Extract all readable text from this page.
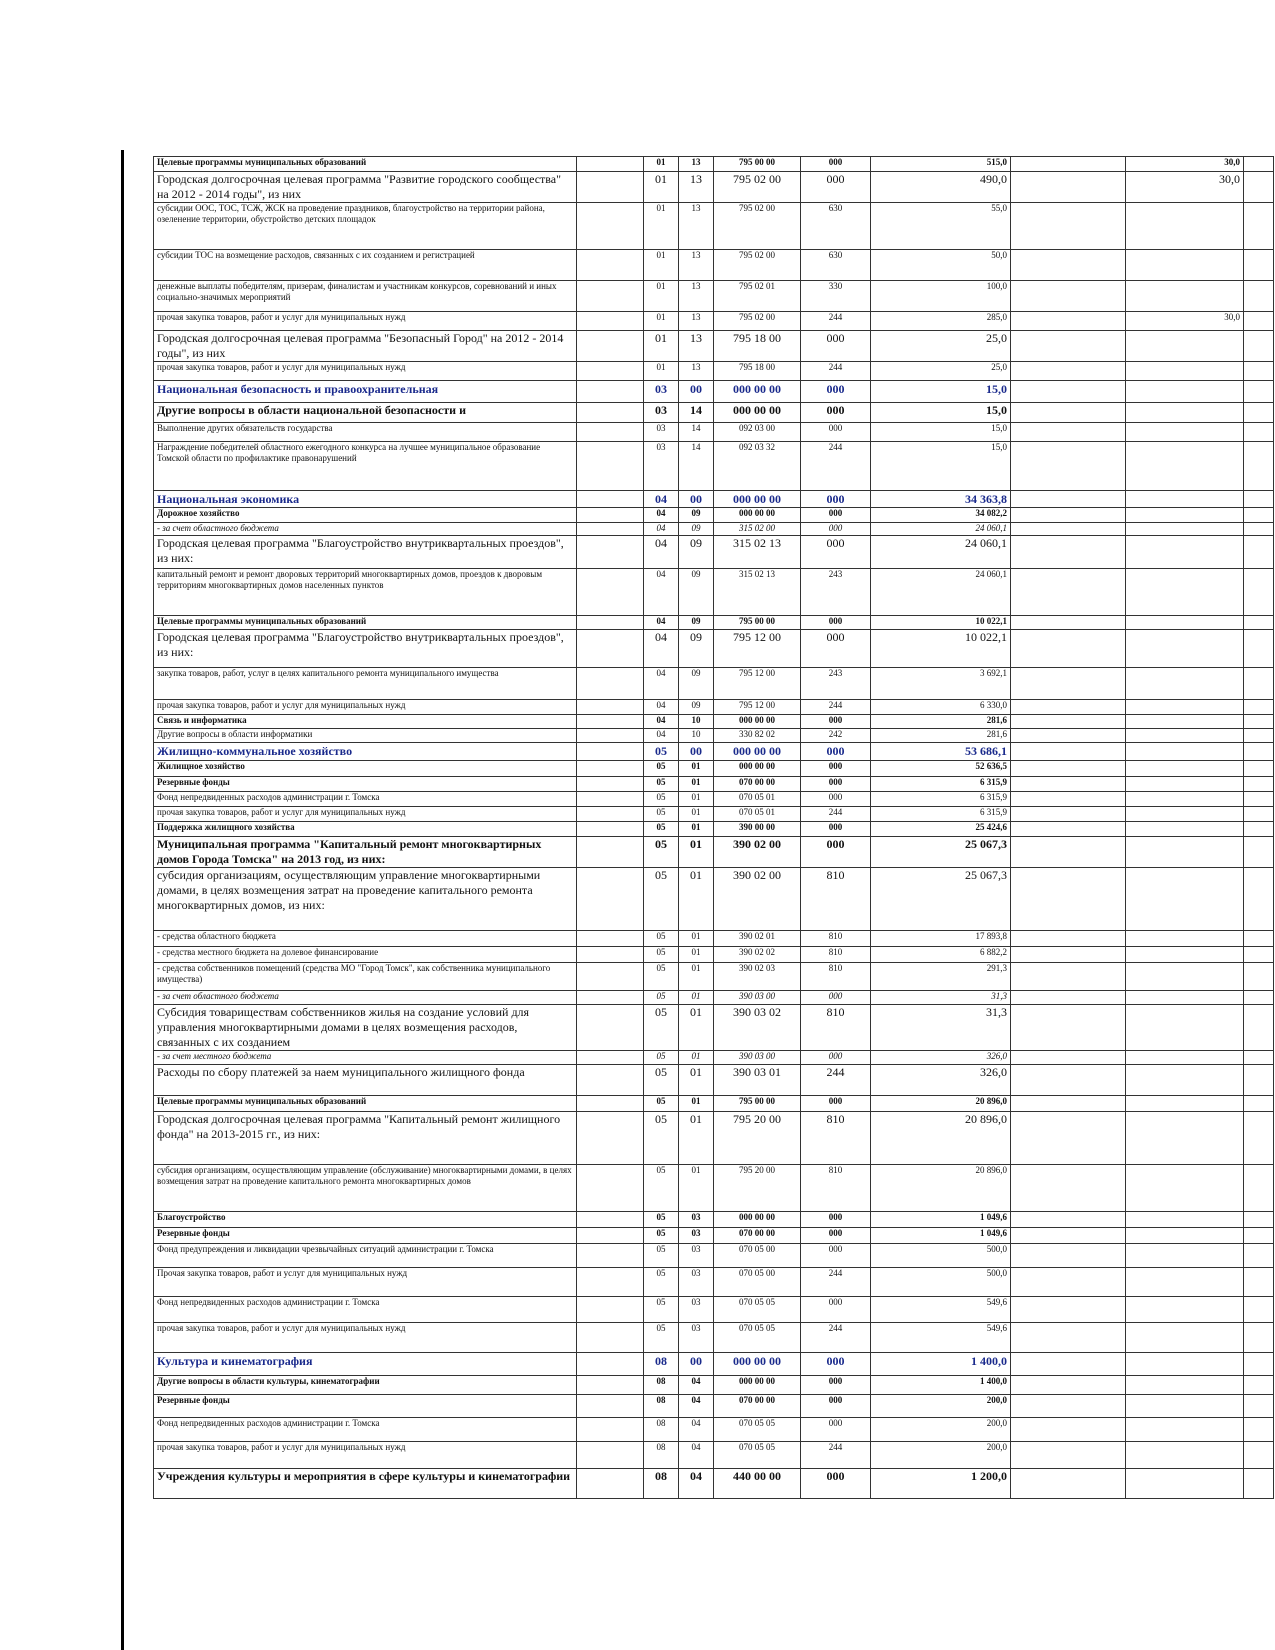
Целевые программы муниципальных образований		01	13	795 00 00	000	515,0		30,0	
Городская долгосрочная целевая программа "Развитие городского сообщества" на 2012 - 2014 годы", из них		01	13	795 02 00	000	490,0		30,0	
субсидии ООС, ТОС, ТСЖ, ЖСК на проведение праздников, благоустройство на территории района, озеленение территории, обустройство детских площадок		01	13	795 02 00	630	55,0			
субсидии ТОС на возмещение расходов, связанных с их созданием и регистрацией		01	13	795 02 00	630	50,0			
денежные выплаты победителям, призерам, финалистам и участникам конкурсов, соревнований и иных социально-значимых мероприятий		01	13	795 02 01	330	100,0			
прочая закупка товаров, работ и услуг для муниципальных нужд		01	13	795 02 00	244	285,0		30,0	
Городская долгосрочная целевая программа "Безопасный Город" на 2012 - 2014 годы", из них		01	13	795 18 00	000	25,0			
прочая закупка товаров, работ и услуг для муниципальных нужд		01	13	795 18 00	244	25,0			
Национальная безопасность и правоохранительная		03	00	000 00 00	000	15,0			
Другие вопросы в области национальной безопасности и		03	14	000 00 00	000	15,0			
Выполнение других обязательств государства		03	14	092 03 00	000	15,0			
Награждение победителей областного ежегодного конкурса на лучшее муниципальное образование Томской области по профилактике правонарушений		03	14	092 03 32	244	15,0			
Национальная экономика		04	00	000 00 00	000	34 363,8			
Дорожное хозяйство		04	09	000 00 00	000	34 082,2			
- за счет областного бюджета		04	09	315 02 00	000	24 060,1			
Городская целевая программа "Благоустройство внутриквартальных проездов", из них:		04	09	315 02 13	000	24 060,1			
капитальный ремонт и ремонт дворовых территорий многоквартирных домов, проездов к дворовым территориям многоквартирных домов населенных пунктов		04	09	315 02 13	243	24 060,1			
Целевые программы муниципальных образований		04	09	795 00 00	000	10 022,1			
Городская целевая программа "Благоустройство внутриквартальных проездов", из них:		04	09	795 12 00	000	10 022,1			
закупка товаров, работ, услуг в целях капитального ремонта муниципального имущества		04	09	795 12 00	243	3 692,1			
прочая закупка товаров, работ и услуг для муниципальных нужд		04	09	795 12 00	244	6 330,0			
Связь и информатика		04	10	000 00 00	000	281,6			
Другие вопросы в области информатики		04	10	330 82 02	242	281,6			
Жилищно-коммунальное хозяйство		05	00	000 00 00	000	53 686,1			
Жилищное хозяйство		05	01	000 00 00	000	52 636,5			
Резервные фонды		05	01	070 00 00	000	6 315,9			
Фонд непредвиденных расходов администрации г. Томска		05	01	070 05 01	000	6 315,9			
прочая закупка товаров, работ и услуг для муниципальных нужд		05	01	070 05 01	244	6 315,9			
Поддержка жилищного хозяйства		05	01	390 00 00	000	25 424,6			
Муниципальная программа "Капитальный ремонт многоквартирных домов Города Томска" на 2013 год, из них:		05	01	390 02 00	000	25 067,3			
субсидия организациям, осуществляющим управление многоквартирными домами, в целях возмещения затрат на проведение капитального ремонта многоквартирных домов, из них:		05	01	390 02 00	810	25 067,3			
- средства областного бюджета		05	01	390 02 01	810	17 893,8			
- средства местного бюджета на долевое финансирование		05	01	390 02 02	810	6 882,2			
- средства собственников помещений (средства МО "Город Томск", как собственника муниципального имущества)		05	01	390 02 03	810	291,3			
- за счет областного бюджета		05	01	390 03 00	000	31,3			
Субсидия товариществам собственников жилья на создание условий для управления многоквартирными домами в целях возмещения расходов, связанных с их созданием		05	01	390 03 02	810	31,3			
- за счет местного бюджета		05	01	390 03 00	000	326,0			
Расходы по сбору платежей за наем муниципального жилищного фонда		05	01	390 03 01	244	326,0			
Целевые программы муниципальных образований		05	01	795 00 00	000	20 896,0			
Городская долгосрочная целевая программа "Капитальный ремонт жилищного фонда" на 2013-2015 гг., из них:		05	01	795 20 00	810	20 896,0			
субсидия организациям, осуществляющим управление (обслуживание) многоквартирными домами, в целях возмещения затрат на проведение капитального ремонта многоквартирных домов		05	01	795 20 00	810	20 896,0			
Благоустройство		05	03	000 00 00	000	1 049,6			
Резервные фонды		05	03	070 00 00	000	1 049,6			
Фонд предупреждения и ликвидации чрезвычайных ситуаций администрации г. Томска		05	03	070 05 00	000	500,0			
Прочая закупка товаров, работ и услуг для муниципальных нужд		05	03	070 05 00	244	500,0			
Фонд непредвиденных расходов администрации г. Томска		05	03	070 05 05	000	549,6			
прочая закупка товаров, работ и услуг для муниципальных нужд		05	03	070 05 05	244	549,6			
Культура и кинематография		08	00	000 00 00	000	1 400,0			
Другие вопросы в области культуры, кинематографии		08	04	000 00 00	000	1 400,0			
Резервные фонды		08	04	070 00 00	000	200,0			
Фонд непредвиденных расходов администрации г. Томска		08	04	070 05 05	000	200,0			
прочая закупка товаров, работ и услуг для муниципальных нужд		08	04	070 05 05	244	200,0			
Учреждения культуры и мероприятия в сфере культуры и кинематографии		08	04	440 00 00	000	1 200,0			
